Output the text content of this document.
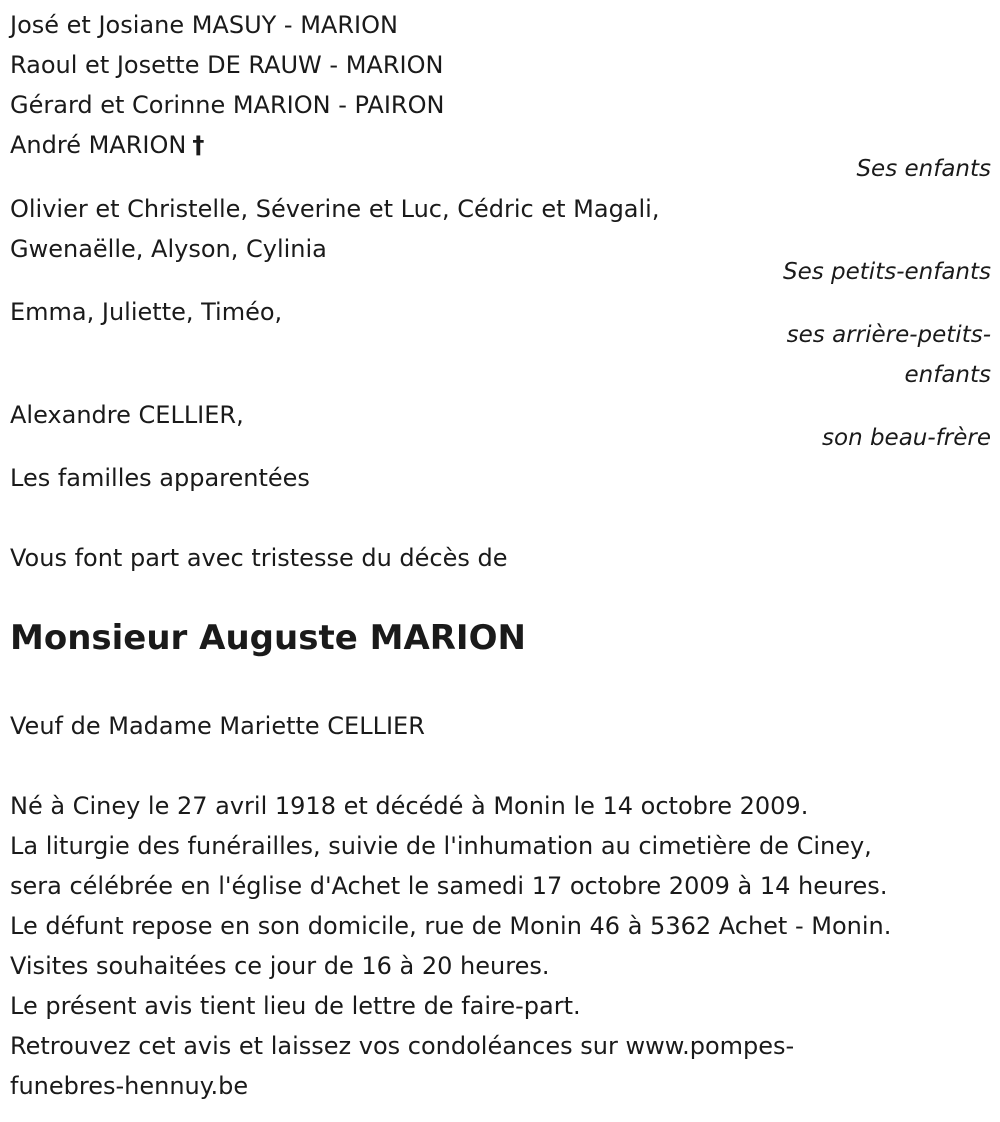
José et Josiane MASUY - MARION
Raoul et Josette DE RAUW - MARION
Gérard et Corinne MARION - PAIRON
André MARION †
Ses enfants
Olivier et Christelle, Séverine et Luc, Cédric et Magali,
Gwenaëlle, Alyson, Cylinia
Ses petits-enfants
Emma, Juliette, Timéo,
ses arrière-petits-
enfants
Alexandre CELLIER,
son beau-frère
Les familles apparentées
Vous font part avec tristesse du décès de
Monsieur Auguste MARION
Veuf de Madame Mariette CELLIER
Né à Ciney le 27 avril 1918 et décédé à Monin le 14 octobre 2009.
La liturgie des funérailles, suivie de l'inhumation au cimetière de Ciney,
sera célébrée en l'église d'Achet le samedi 17 octobre 2009 à 14 heures.
Le défunt repose en son domicile, rue de Monin 46 à 5362 Achet - Monin.
Visites souhaitées ce jour de 16 à 20 heures.
Le présent avis tient lieu de lettre de faire-part.
Retrouvez cet avis et laissez vos condoléances sur www.pompes-
funebres-hennuy.be
